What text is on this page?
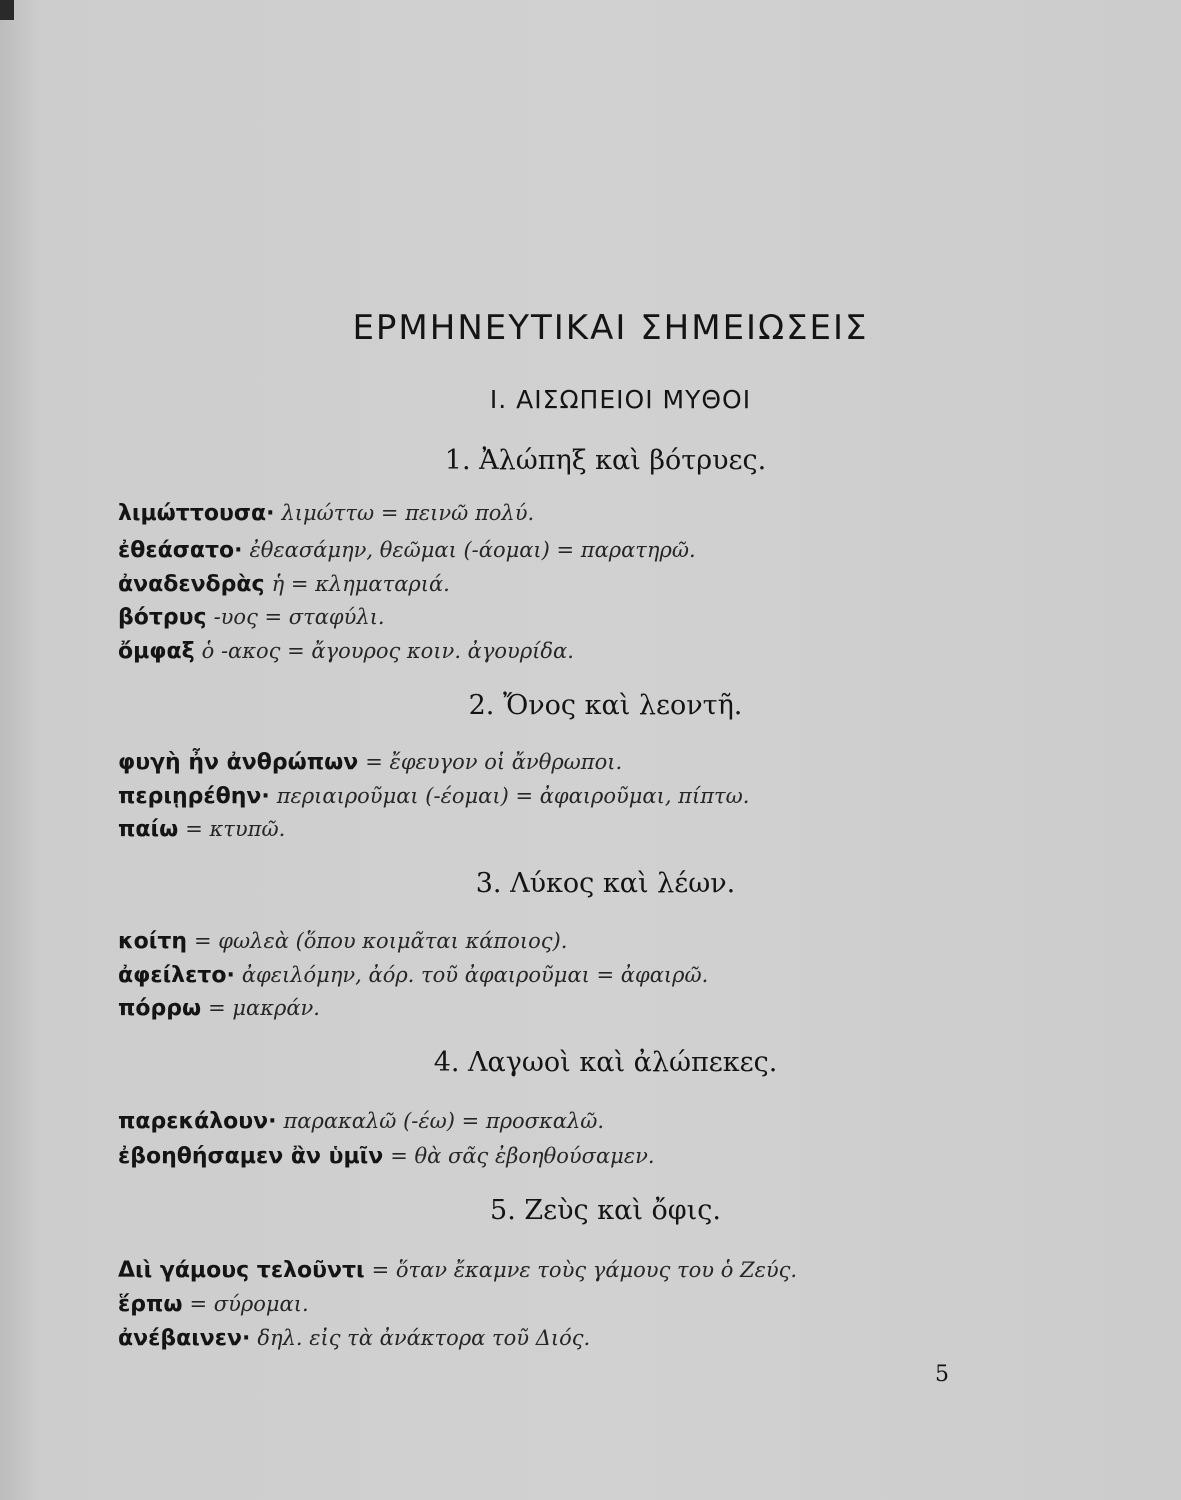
ΕΡΜΗΝΕΥΤΙΚΑΙ ΣΗΜΕΙΩΣΕΙΣ
I. ΑΙΣΩΠΕΙΟΙ ΜΥΘΟΙ
1. Ἀλώπηξ καὶ βότρυες.
λιμώττουσα· λιμώττω = πεινῶ πολύ.
ἐθεάσατο· ἐθεασάμην, θεῶμαι (-άομαι) = παρατηρῶ.
ἀναδενδρὰς ἡ = κληματαριά.
βότρυς -υος = σταφύλι.
ὄμφαξ ὁ -ακος = ἄγουρος κοιν. ἀγουρίδα.
2. Ὄνος καὶ λεοντῆ.
φυγὴ ἦν ἀνθρώπων = ἔφευγον οἱ ἄνθρωποι.
περιῃρέθην· περιαιροῦμαι (-έομαι) = ἀφαιροῦμαι, πίπτω.
παίω = κτυπῶ.
3. Λύκος καὶ λέων.
κοίτη = φωλεὰ (ὅπου κοιμᾶται κάποιος).
ἀφείλετο· ἀφειλόμην, ἀόρ. τοῦ ἀφαιροῦμαι = ἀφαιρῶ.
πόρρω = μακράν.
4. Λαγωοὶ καὶ ἀλώπεκες.
παρεκάλουν· παρακαλῶ (-έω) = προσκαλῶ.
ἐβοηθήσαμεν ἂν ὑμῖν = θὰ σᾶς ἐβοηθούσαμεν.
5. Ζεὺς καὶ ὄφις.
Διὶ γάμους τελοῦντι = ὅταν ἔκαμνε τοὺς γάμους του ὁ Ζεύς.
ἕρπω = σύρομαι.
ἀνέβαινεν· δηλ. εἰς τὰ ἀνάκτορα τοῦ Διός.
5
